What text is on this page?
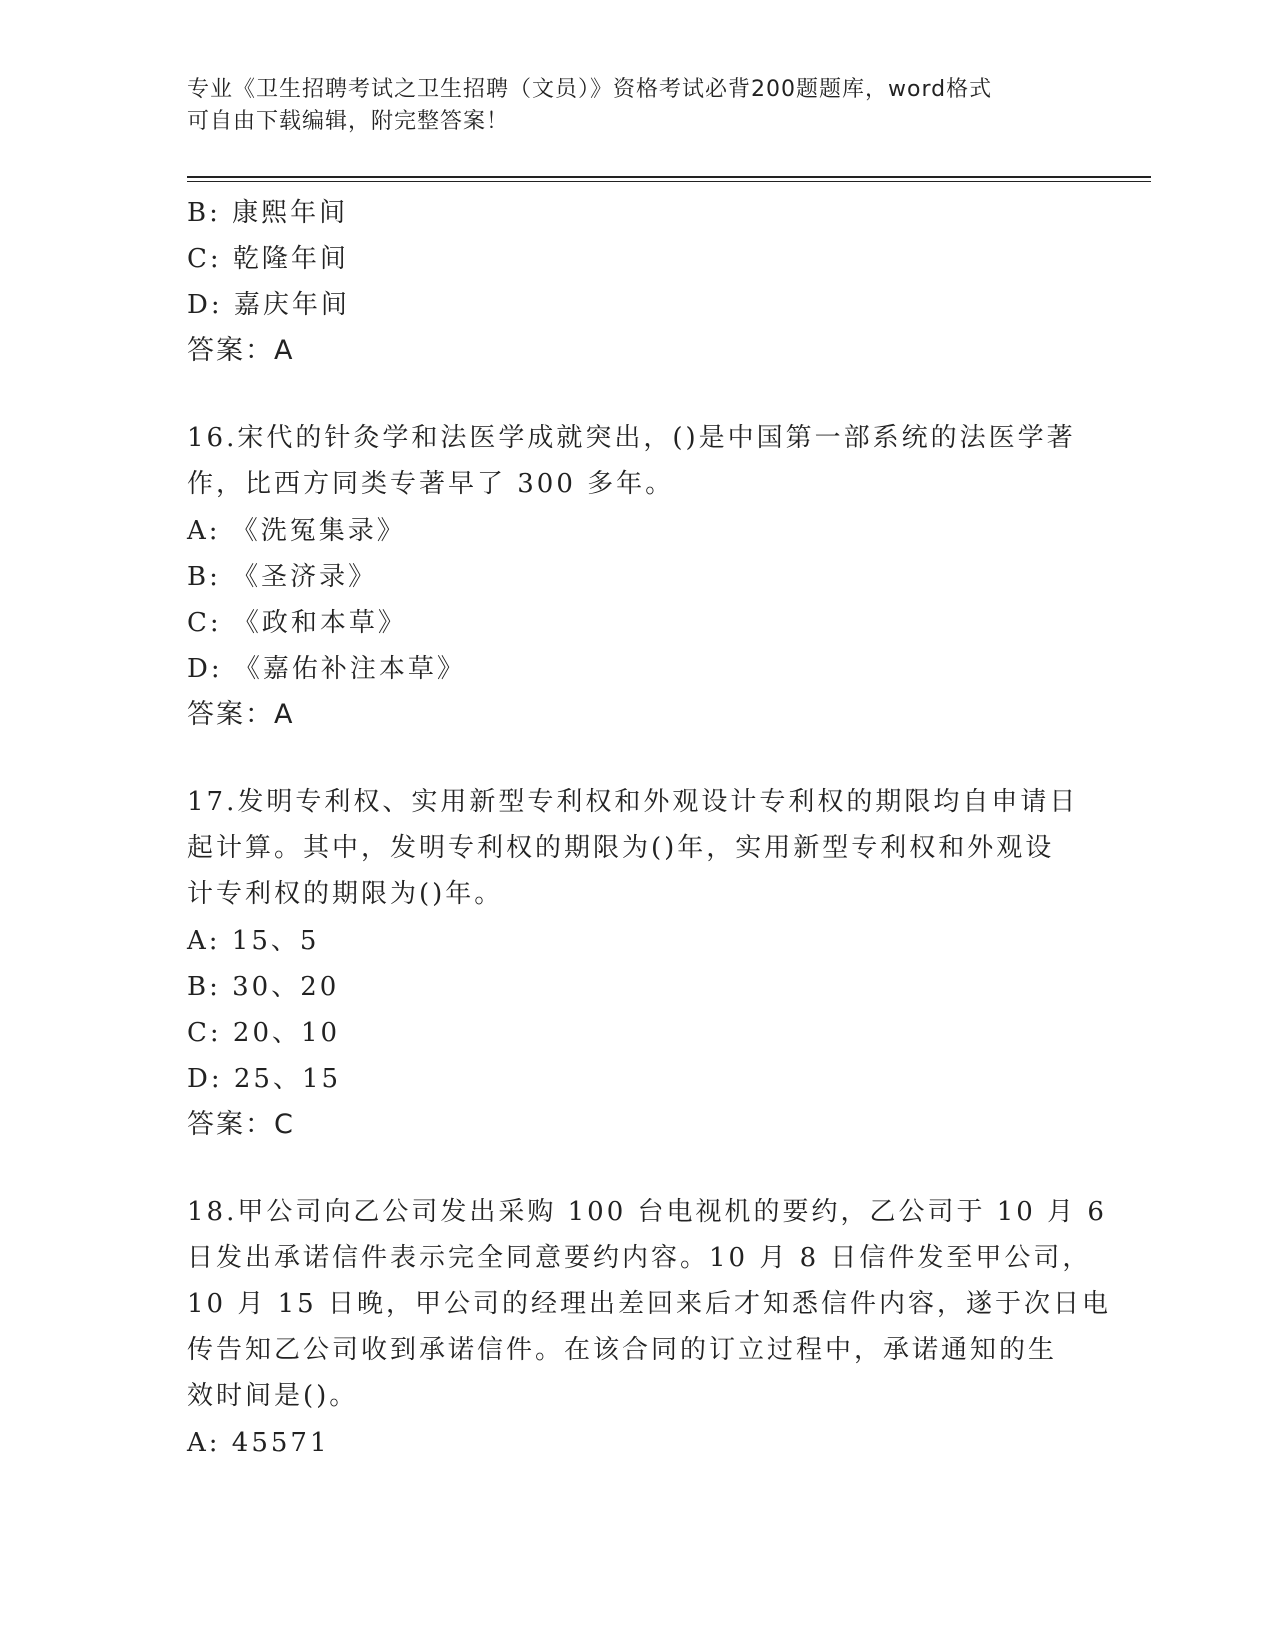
专业《卫生招聘考试之卫生招聘（文员）》资格考试必背200题题库，word格式
可自由下载编辑，附完整答案！
B: 康熙年间
C: 乾隆年间
D: 嘉庆年间
答案：A
16.宋代的针灸学和法医学成就突出，()是中国第一部系统的法医学著
作，比西方同类专著早了 300 多年。
A: 《洗冤集录》
B: 《圣济录》
C: 《政和本草》
D: 《嘉佑补注本草》
答案：A
17.发明专利权、实用新型专利权和外观设计专利权的期限均自申请日
起计算。其中，发明专利权的期限为()年，实用新型专利权和外观设
计专利权的期限为()年。
A: 15、5
B: 30、20
C: 20、10
D: 25、15
答案：C
18.甲公司向乙公司发出采购 100 台电视机的要约，乙公司于 10 月 6
日发出承诺信件表示完全同意要约内容。10 月 8 日信件发至甲公司，
10 月 15 日晚，甲公司的经理出差回来后才知悉信件内容，遂于次日电
传告知乙公司收到承诺信件。在该合同的订立过程中，承诺通知的生
效时间是()。
A: 45571
